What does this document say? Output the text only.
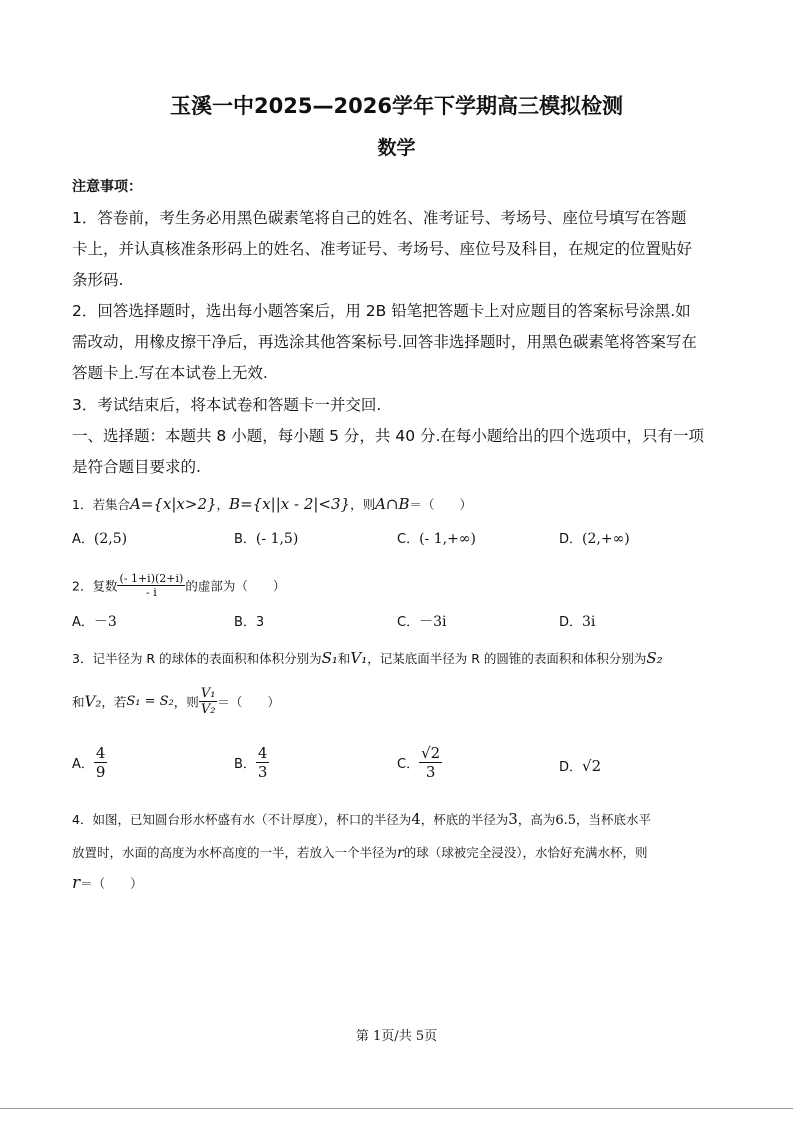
玉溪一中2025—2026学年下学期高三模拟检测
数学
注意事项：
1．答卷前，考生务必用黑色碳素笔将自己的姓名、准考证号、考场号、座位号填写在答题
卡上，并认真核准条形码上的姓名、准考证号、考场号、座位号及科目，在规定的位置贴好
条形码.
2．回答选择题时，选出每小题答案后，用 2B 铅笔把答题卡上对应题目的答案标号涂黑.如
需改动，用橡皮擦干净后，再选涂其他答案标号.回答非选择题时，用黑色碳素笔将答案写在
答题卡上.写在本试卷上无效.
3．考试结束后，将本试卷和答题卡一并交回.
一、选择题：本题共 8 小题，每小题 5 分，共 40 分.在每小题给出的四个选项中，只有一项
是符合题目要求的.
1．若集合A={x|x>2}，B={x||x - 2|<3}，则A∩B＝（　　）
A．(2,5)	B．(- 1,5)	C．(- 1,+∞)	D．(2,+∞)
2．复数 $\frac{(- 1+i)(2+i)}{- i}$ 的虚部为（　　）
A．－3	B．3	C．－3i	D．3i
3．记半径为 R 的球体的表面积和体积分别为S₁和V₁，记某底面半径为 R 的圆锥的表面积和体积分别为S₂
和V₂，若S₁ = S₂，则 $\frac{\text{V₁}}{\text{V₂}}$ ＝（　　）
A． $\frac{4}{9}$	B． $\frac{4}{3}$	C． $\frac{√2}{3}$	D．√2
4．如图，已知圆台形水杯盛有水（不计厚度），杯口的半径为4，杯底的半径为3，高为6.5，当杯底水平
放置时，水面的高度为水杯高度的一半，若放入一个半径为r的球（球被完全浸没），水恰好充满水杯，则
r＝（　　）
第 1页/共 5页
